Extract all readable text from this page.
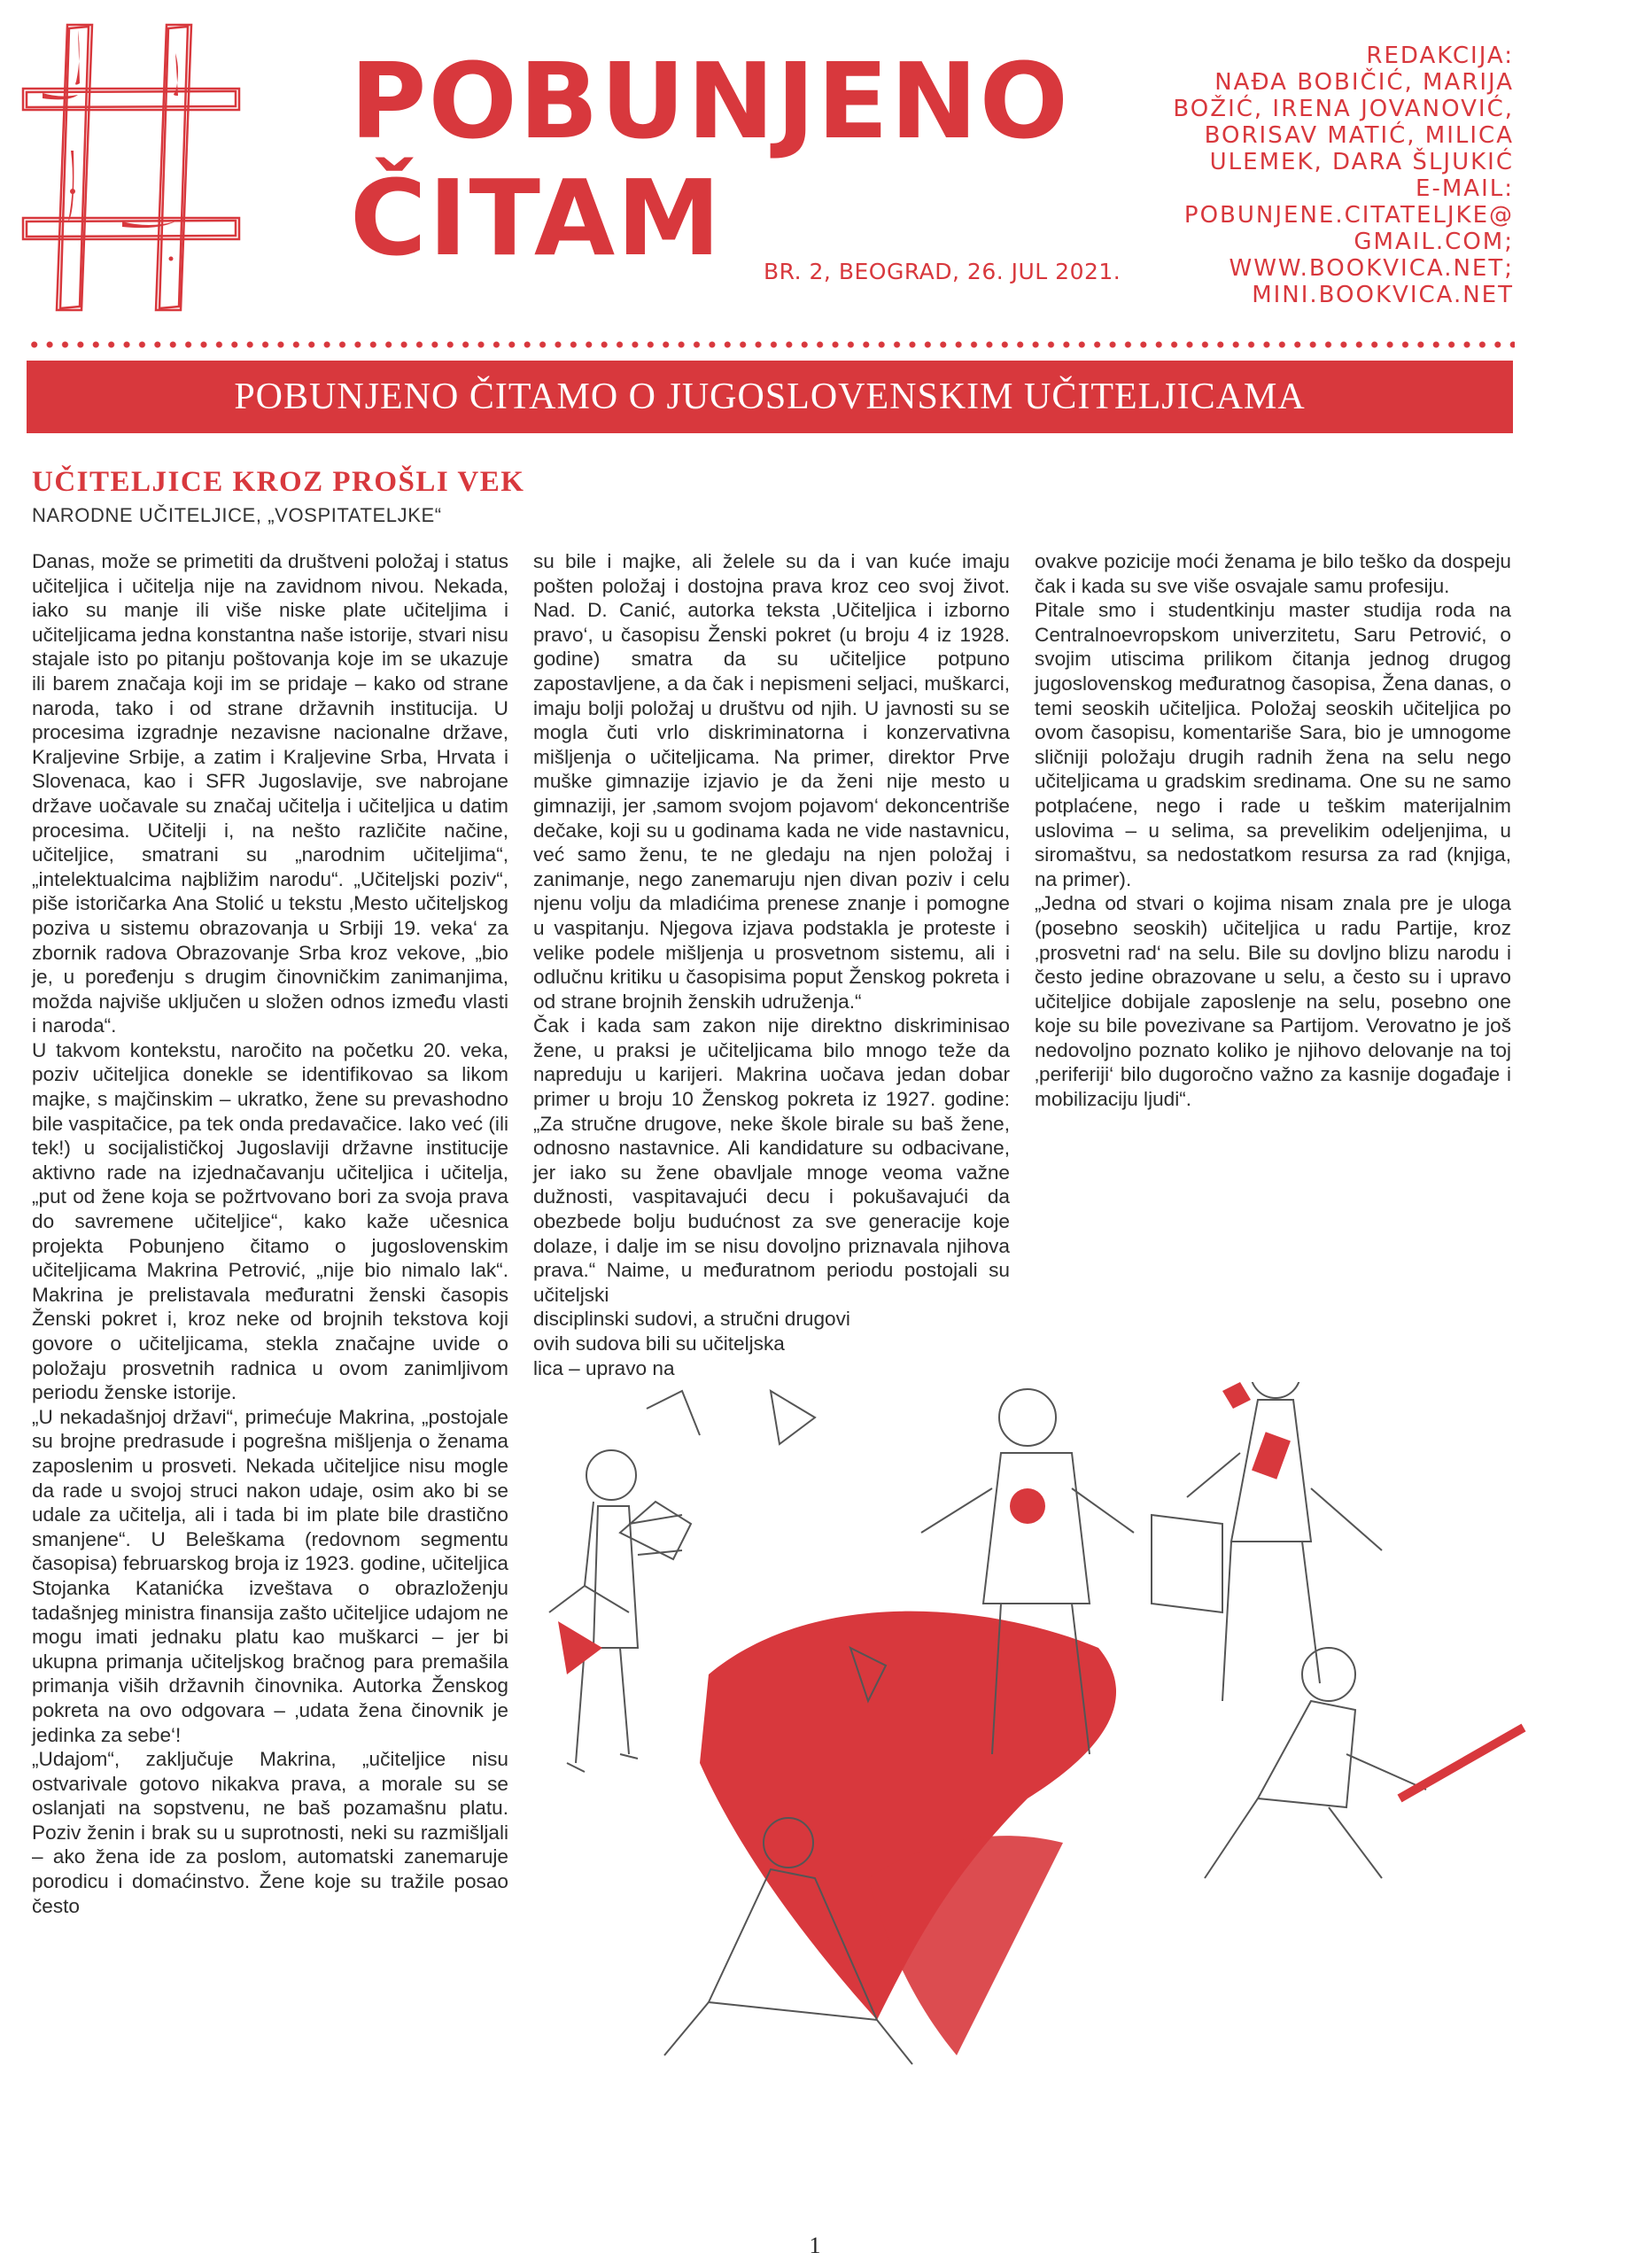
POBUNJENO
ČITAM	BR. 2, BEOGRAD, 26. JUL 2021.
REDAKCIJA:
NAĐA BOBIČIĆ, MARIJA
BOŽIĆ, IRENA JOVANOVIĆ,
BORISAV MATIĆ, MILICA
ULEMEK, DARA ŠLJUKIĆ
E-MAIL:
POBUNJENE.CITATELJKE@
GMAIL.COM;
WWW.BOOKVICA.NET;
MINI.BOOKVICA.NET
POBUNJENO ČITAMO O JUGOSLOVENSKIM UČITELJICAMA
UČITELJICE KROZ PROŠLI VEK
NARODNE UČITELJICE, „VOSPITATELJKE“

Danas, može se primetiti da društveni položaj i status učiteljica i učitelja nije na zavidnom nivou. Nekada, iako su manje ili više niske plate učiteljima i učiteljicama jedna konstantna naše istorije, stvari nisu stajale isto po pitanju poštovanja koje im se ukazuje ili barem značaja koji im se pridaje – kako od strane naroda, tako i od strane državnih institucija. U procesima izgradnje nezavisne nacionalne države, Kraljevine Srbije, a zatim i Kraljevine Srba, Hrvata i Slovenaca, kao i SFR Jugoslavije, sve nabrojane države uočavale su značaj učitelja i učiteljica u datim procesima. Učitelji i, na nešto različite načine, učiteljice, smatrani su „narodnim učiteljima“, „intelektualcima najbližim narodu“. „Učiteljski poziv“, piše istoričarka Ana Stolić u tekstu ‚Mesto učiteljskog poziva u sistemu obrazovanja u Srbiji 19. veka‘ za zbornik radova Obrazovanje Srba kroz vekove, „bio je, u poređenju s drugim činovničkim zanimanjima, možda najviše uključen u složen odnos između vlasti i naroda“.

U takvom kontekstu, naročito na početku 20. veka, poziv učiteljica donekle se identifikovao sa likom majke, s majčinskim – ukratko, žene su prevashodno bile vaspitačice, pa tek onda predavačice. Iako već (ili tek!) u socijalističkoj Jugoslaviji državne institucije aktivno rade na izjednačavanju učiteljica i učitelja, „put od žene koja se požrtvovano bori za svoja prava do savremene učiteljice“, kako kaže učesnica projekta Pobunjeno čitamo o jugoslovenskim učiteljicama Makrina Petrović, „nije bio nimalo lak“. Makrina je prelistavala međuratni ženski časopis Ženski pokret i, kroz neke od brojnih tekstova koji govore o učiteljicama, stekla značajne uvide o položaju prosvetnih radnica u ovom zanimljivom periodu ženske istorije.

„U nekadašnjoj državi“, primećuje Makrina, „postojale su brojne predrasude i pogrešna mišljenja o ženama zaposlenim u prosveti. Nekada učiteljice nisu mogle da rade u svojoj struci nakon udaje, osim ako bi se udale za učitelja, ali i tada bi im plate bile drastično smanjene“. U Beleškama (redovnom segmentu časopisa) februarskog broja iz 1923. godine, učiteljica Stojanka Katanićka izveštava o obrazloženju tadašnjeg ministra finansija zašto učiteljice udajom ne mogu imati jednaku platu kao muškarci – jer bi ukupna primanja učiteljskog bračnog para premašila primanja viših državnih činovnika. Autorka Ženskog pokreta na ovo odgovara – ‚udata žena činovnik je jedinka za sebe‘!

„Udajom“, zaključuje Makrina, „učiteljice nisu ostvarivale gotovo nikakva prava, a morale su se oslanjati na sopstvenu, ne baš pozamašnu platu. Poziv ženin i brak su u suprotnosti, neki su razmišljali – ako žena ide za poslom, automatski zanemaruje porodicu i domaćinstvo. Žene koje su tražile posao često

su bile i majke, ali želele su da i van kuće imaju pošten položaj i dostojna prava kroz ceo svoj život. Nad. D. Canić, autorka teksta ‚Učiteljica i izborno pravo‘, u časopisu Ženski pokret (u broju 4 iz 1928. godine) smatra da su učiteljice potpuno zapostavljene, a da čak i nepismeni seljaci, muškarci, imaju bolji položaj u društvu od njih. U javnosti su se mogla čuti vrlo diskriminatorna i konzervativna mišljenja o učiteljicama. Na primer, direktor Prve muške gimnazije izjavio je da ženi nije mesto u gimnaziji, jer ‚samom svojom pojavom‘ dekoncentriše dečake, koji su u godinama kada ne vide nastavnicu, već samo ženu, te ne gledaju na njen položaj i zanimanje, nego zanemaruju njen divan poziv i celu njenu volju da mladićima prenese znanje i pomogne u vaspitanju. Njegova izjava podstakla je proteste i velike podele mišljenja u prosvetnom sistemu, ali i odlučnu kritiku u časopisima poput Ženskog pokreta i od strane brojnih ženskih udruženja.“

Čak i kada sam zakon nije direktno diskriminisao žene, u praksi je učiteljicama bilo mnogo teže da napreduju u karijeri. Makrina uočava jedan dobar primer u broju 10 Ženskog pokreta iz 1927. godine: „Za stručne drugove, neke škole birale su baš žene, odnosno nastavnice. Ali kandidature su odbacivane, jer iako su žene obavljale mnoge veoma važne dužnosti, vaspitavajući decu i pokušavajući da obezbede bolju budućnost za sve generacije koje dolaze, i dalje im se nisu dovoljno priznavala njihova prava.“ Naime, u međuratnom periodu postojali su učiteljski

disciplinski sudovi, a stručni drugovi
ovih sudova bili su učiteljska
lica – upravo na

ovakve pozicije moći ženama je bilo teško da dospeju čak i kada su sve više osvajale samu profesiju.

Pitale smo i studentkinju master studija roda na Centralnoevropskom univerzitetu, Saru Petrović, o svojim utiscima prilikom čitanja jednog drugog jugoslovenskog međuratnog časopisa, Žena danas, o temi seoskih učiteljica. Položaj seoskih učiteljica po ovom časopisu, komentariše Sara, bio je umnogome sličniji položaju drugih radnih žena na selu nego učiteljicama u gradskim sredinama. One su ne samo potplaćene, nego i rade u teškim materijalnim uslovima – u selima, sa prevelikim odeljenjima, u siromaštvu, sa nedostatkom resursa za rad (knjiga, na primer).

„Jedna od stvari o kojima nisam znala pre je uloga (posebno seoskih) učiteljica u radu Partije, kroz ‚prosvetni rad‘ na selu. Bile su dovljno blizu narodu i često jedine obrazovane u selu, a često su i upravo učiteljice dobijale zaposlenje na selu, posebno one koje su bile povezivane sa Partijom. Verovatno je još nedovoljno poznato koliko je njihovo delovanje na toj ‚periferiji‘ bilo dugoročno važno za kasnije događaje i mobilizaciju ljudi“.

1
